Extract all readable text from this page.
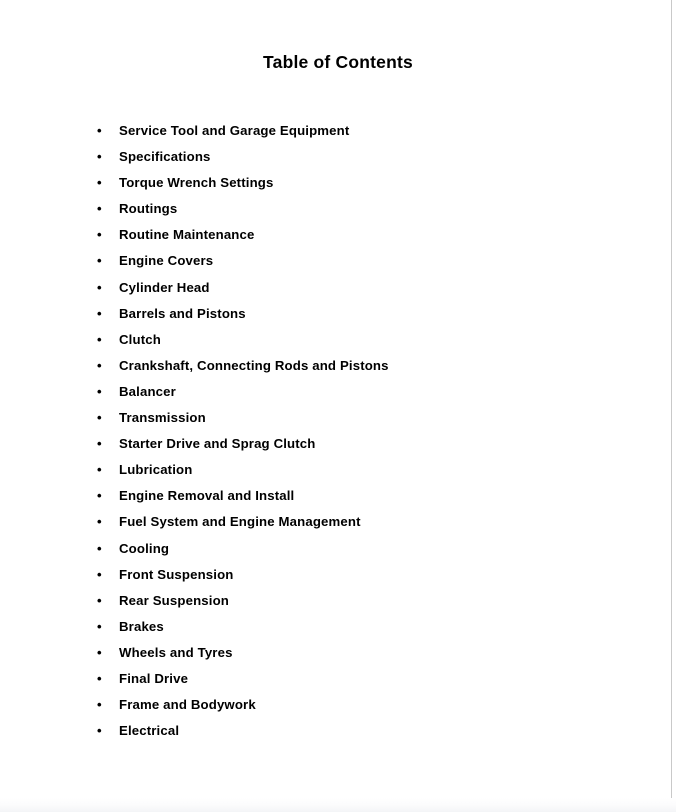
Table of Contents
• Service Tool and Garage Equipment
• Specifications
• Torque Wrench Settings
• Routings
• Routine Maintenance
• Engine Covers
• Cylinder Head
• Barrels and Pistons
• Clutch
• Crankshaft, Connecting Rods and Pistons
• Balancer
• Transmission
• Starter Drive and Sprag Clutch
• Lubrication
• Engine Removal and Install
• Fuel System and Engine Management
• Cooling
• Front Suspension
• Rear Suspension
• Brakes
• Wheels and Tyres
• Final Drive
• Frame and Bodywork
• Electrical
